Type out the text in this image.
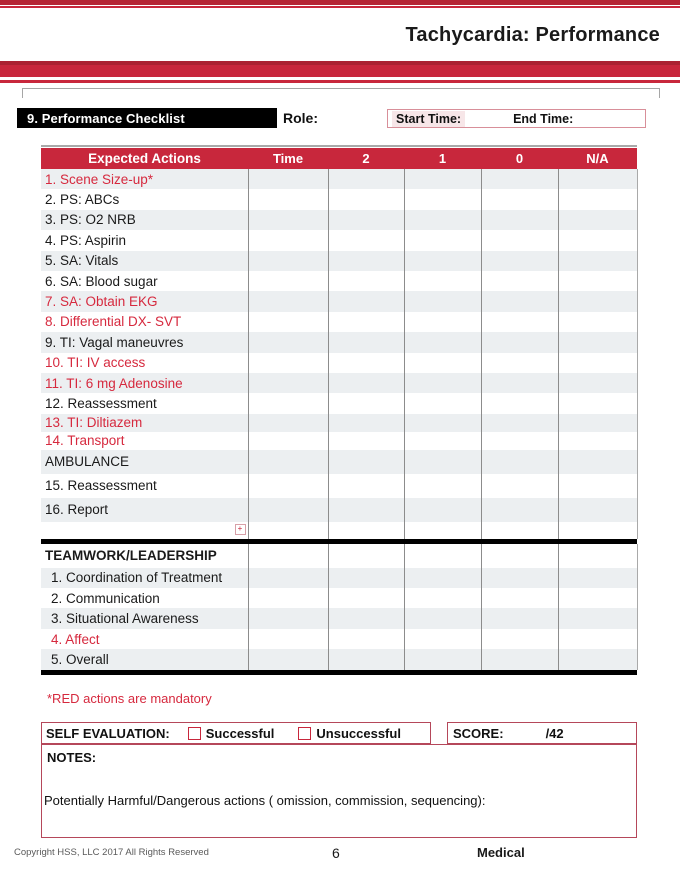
Tachycardia: Performance
9. Performance Checklist	Role:	Start Time:	End Time:
Expected Actions	Time	2	1	0	N/A
1. Scene Size-up*					
2. PS: ABCs					
3. PS: O2 NRB					
4. PS: Aspirin					
5. SA: Vitals					
6. SA: Blood sugar					
7. SA: Obtain EKG					
8. Differential DX- SVT					
9. TI: Vagal maneuvres					
10. TI: IV access					
11. TI: 6 mg Adenosine					
12. Reassessment					
13. TI: Diltiazem					
14. Transport					
AMBULANCE					
15. Reassessment					
16. Report					

+					

TEAMWORK/LEADERSHIP					
1. Coordination of Treatment					
2. Communication					
3. Situational Awareness					
4. Affect					
5. Overall					

*RED actions are mandatory
SELF EVALUATION:	Successful	Unsuccessful	SCORE:	/42
NOTES:
Potentially Harmful/Dangerous actions ( omission, commission, sequencing):
Copyright HSS, LLC 2017 All Rights Reserved	6	Medical
